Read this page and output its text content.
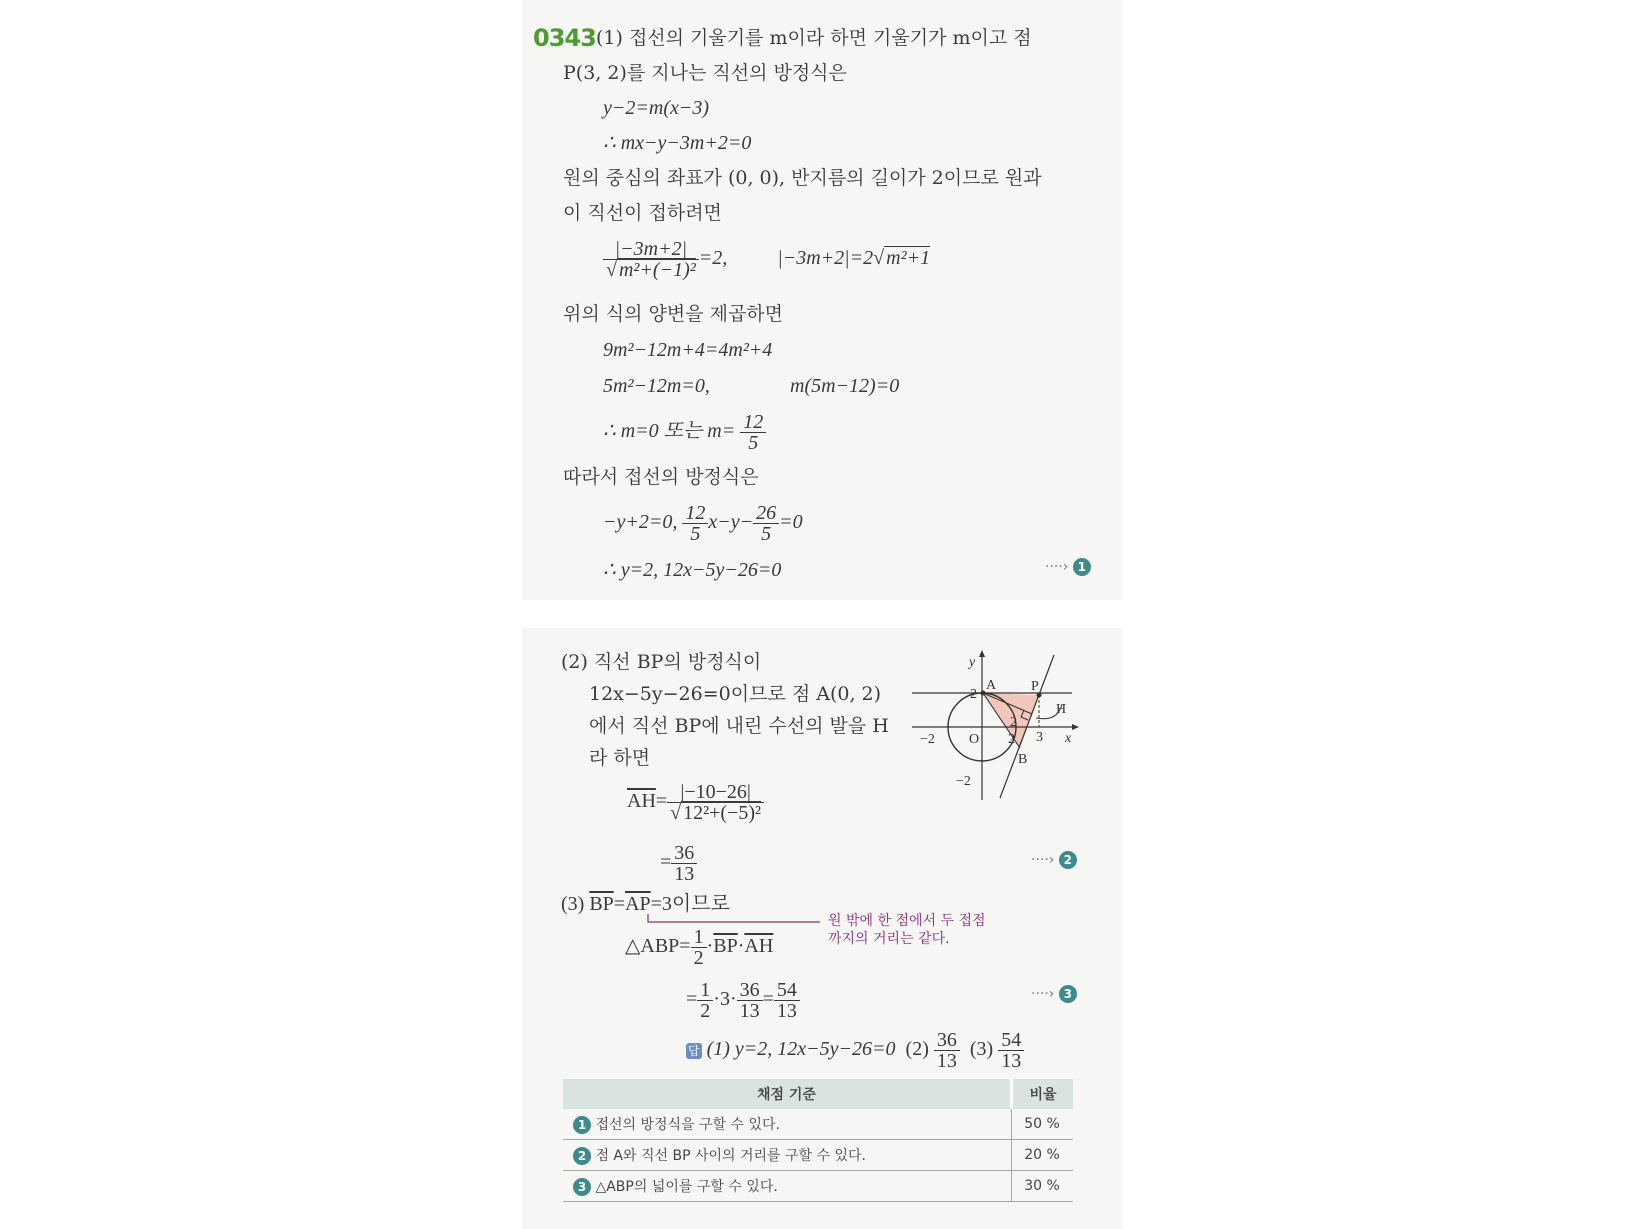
0343 (1) 접선의 기울기를 m이라 하면 기울기가 m이고 점
P(3, 2)를 지나는 직선의 방정식은
y−2=m(x−3)
∴ mx−y−3m+2=0
원의 중심의 좌표가 (0, 0), 반지름의 길이가 2이므로 원과
이 직선이 접하려면
$\frac{|-3m+2|}{\text{√ m²+(−1)²}} =2$,	|−3m+2|=2√ m²+1
위의 식의 양변을 제곱하면
9m²−12m+4=4m²+4
5m²−12m=0,	m(5m−12)=0
∴ m=0 또는 $m= \frac{12}{5}$
따라서 접선의 방정식은
−y+2=0, $\frac{12}{5} x-y- \frac{26}{5} =0$
∴ y=2, 12x−5y−26=0	····› 1
(2) 직선 BP의 방정식이
12x−5y−26=0이므로 점 A(0, 2)
에서 직선 BP에 내린 수선의 발을 H
라 하면
$\overline{AH}= \frac{|-10-26|}{\text{√ 12²+(−5)²}}$
= $\frac{36}{13}$	····› 2
y
2
A P
H
2
−2 O 2 3 x
B
−2
(3) $\overline{BP}=\overline{AP}=3$이므로
원 밖에 한 점에서 두 접점
까지의 거리는 같다.
△ABP= $\frac{1}{2} \cdot\overline{BP}\cdot\overline{AH}$
= $\frac{1}{2} \cdot 3\cdot \frac{36}{13} = \frac{54}{13}$	····› 3
답 (1) y=2, 12x−5y−26=0 $(2) \frac{36}{13} (3) \frac{54}{13}$
채점 기준	비율
1 접선의 방정식을 구할 수 있다.	50 %
2 점 A와 직선 BP 사이의 거리를 구할 수 있다.	20 %
3 △ABP의 넓이를 구할 수 있다.	30 %
